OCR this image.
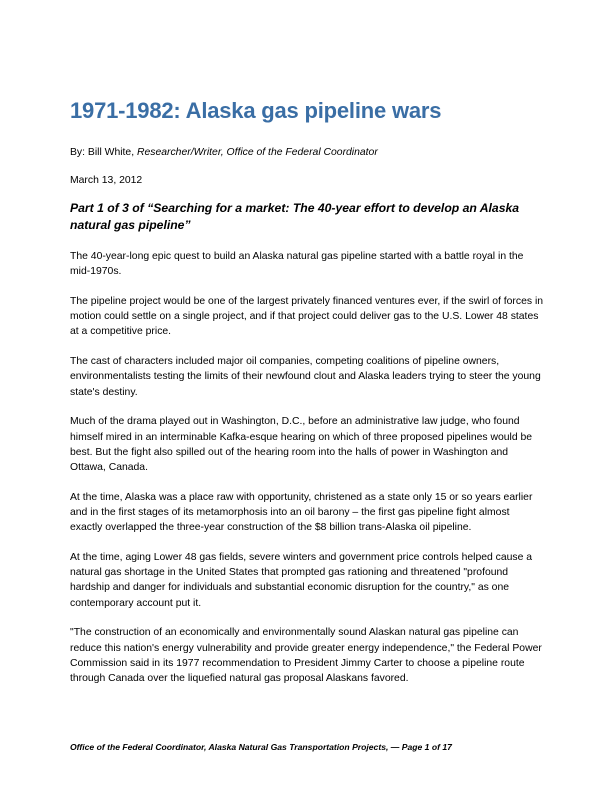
1971-1982: Alaska gas pipeline wars
By: Bill White, Researcher/Writer, Office of the Federal Coordinator
March 13, 2012
Part 1 of 3 of “Searching for a market: The 40-year effort to develop an Alaska natural gas pipeline”

The 40-year-long epic quest to build an Alaska natural gas pipeline started with a battle royal in the mid-1970s.

The pipeline project would be one of the largest privately financed ventures ever, if the swirl of forces in motion could settle on a single project, and if that project could deliver gas to the U.S. Lower 48 states at a competitive price.

The cast of characters included major oil companies, competing coalitions of pipeline owners, environmentalists testing the limits of their newfound clout and Alaska leaders trying to steer the young state's destiny.

Much of the drama played out in Washington, D.C., before an administrative law judge, who found himself mired in an interminable Kafka-esque hearing on which of three proposed pipelines would be best. But the fight also spilled out of the hearing room into the halls of power in Washington and Ottawa, Canada.

At the time, Alaska was a place raw with opportunity, christened as a state only 15 or so years earlier and in the first stages of its metamorphosis into an oil barony – the first gas pipeline fight almost exactly overlapped the three-year construction of the $8 billion trans-Alaska oil pipeline.

At the time, aging Lower 48 gas fields, severe winters and government price controls helped cause a natural gas shortage in the United States that prompted gas rationing and threatened "profound hardship and danger for individuals and substantial economic disruption for the country," as one contemporary account put it.

"The construction of an economically and environmentally sound Alaskan natural gas pipeline can reduce this nation's energy vulnerability and provide greater energy independence," the Federal Power Commission said in its 1977 recommendation to President Jimmy Carter to choose a pipeline route through Canada over the liquefied natural gas proposal Alaskans favored.

Office of the Federal Coordinator, Alaska Natural Gas Transportation Projects, — Page 1 of 17
